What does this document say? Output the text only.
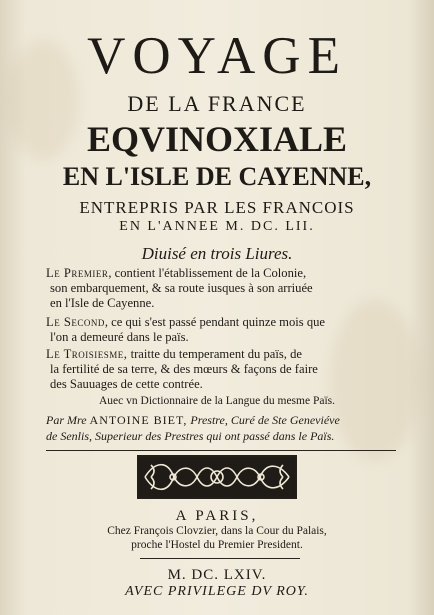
VOYAGE
DE LA FRANCE
EQVINOXIALE
EN L'ISLE DE CAYENNE,
ENTREPRIS PAR LES FRANCOIS
EN L'ANNEE M. DC. LII.
Diuisé en trois Liures.
Le Premier, contient l'établissement de la Colonie,
son embarquement, & sa route iusques à son arriuée
en l'Isle de Cayenne.
Le Second, ce qui s'est passé pendant quinze mois que
l'on a demeuré dans le païs.
Le Troisiesme, traitte du temperament du païs, de
la fertilité de sa terre, & des mœurs & façons de faire
des Sauuages de cette contrée.
Auec vn Dictionnaire de la Langue du mesme Païs.
Par Mre ANTOINE BIET, Prestre, Curé de Ste Geneviéve
de Senlis, Superieur des Prestres qui ont passé dans le Païs.
A PARIS,
Chez François Clovzier, dans la Cour du Palais,
proche l'Hostel du Premier President.
M. DC. LXIV.
AVEC PRIVILEGE DV ROY.
